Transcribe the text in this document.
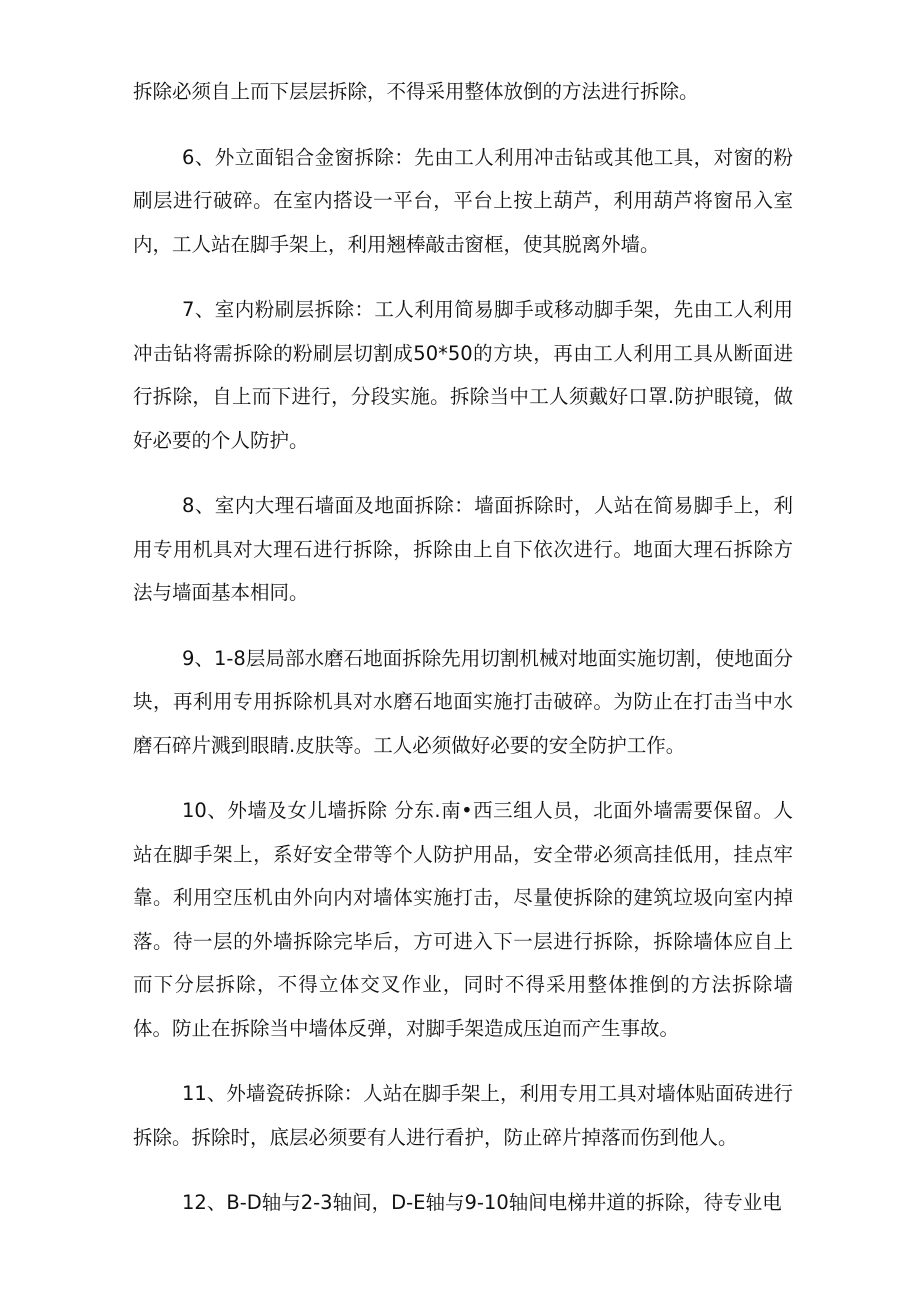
拆除必须自上而下层层拆除，不得采用整体放倒的方法进行拆除。

6、外立面铝合金窗拆除：先由工人利用冲击钻或其他工具，对窗的粉刷层进行破碎。在室内搭设一平台，平台上按上葫芦，利用葫芦将窗吊入室内，工人站在脚手架上，利用翘棒敲击窗框，使其脱离外墙。

7、室内粉刷层拆除：工人利用简易脚手或移动脚手架，先由工人利用冲击钻将需拆除的粉刷层切割成50*50的方块，再由工人利用工具从断面进行拆除，自上而下进行，分段实施。拆除当中工人须戴好口罩.防护眼镜，做好必要的个人防护。

8、室内大理石墙面及地面拆除：墙面拆除时，人站在简易脚手上，利用专用机具对大理石进行拆除，拆除由上自下依次进行。地面大理石拆除方法与墙面基本相同。

9、1-8层局部水磨石地面拆除先用切割机械对地面实施切割，使地面分块，再利用专用拆除机具对水磨石地面实施打击破碎。为防止在打击当中水磨石碎片溅到眼睛.皮肤等。工人必须做好必要的安全防护工作。

10、外墙及女儿墙拆除 分东.南•西三组人员，北面外墙需要保留。人站在脚手架上，系好安全带等个人防护用品，安全带必须高挂低用，挂点牢靠。利用空压机由外向内对墙体实施打击，尽量使拆除的建筑垃圾向室内掉落。待一层的外墙拆除完毕后，方可进入下一层进行拆除，拆除墙体应自上而下分层拆除，不得立体交叉作业，同时不得采用整体推倒的方法拆除墙体。防止在拆除当中墙体反弹，对脚手架造成压迫而产生事故。

11、外墙瓷砖拆除：人站在脚手架上，利用专用工具对墙体贴面砖进行拆除。拆除时，底层必须要有人进行看护，防止碎片掉落而伤到他人。

12、B-D轴与2-3轴间，D-E轴与9-10轴间电梯井道的拆除，待专业电
